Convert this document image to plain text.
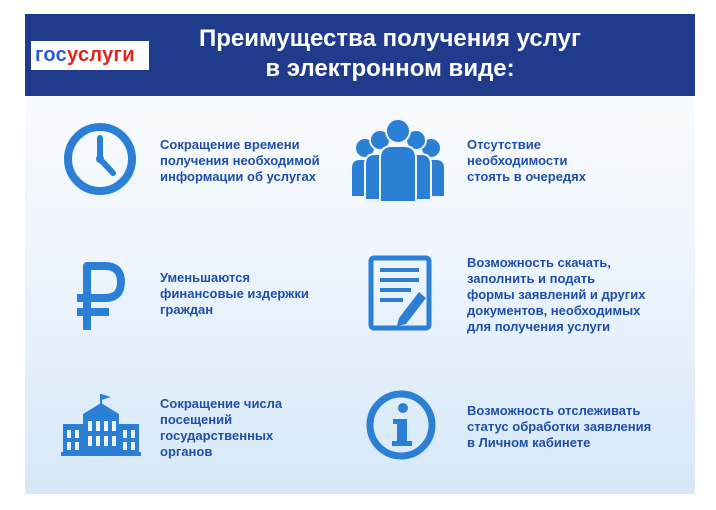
госуслуги
Преимущества получения услуг
в электронном виде:
Сокращение времени
получения необходимой
информации об услугах
Отсутствие
необходимости
стоять в очередях
Уменьшаются
финансовые издержки
граждан
Возможность скачать,
заполнить и подать
формы заявлений и других
документов, необходимых
для получения услуги
Сокращение числа
посещений
государственных
органов
Возможность отслеживать
статус обработки заявления
в Личном кабинете
